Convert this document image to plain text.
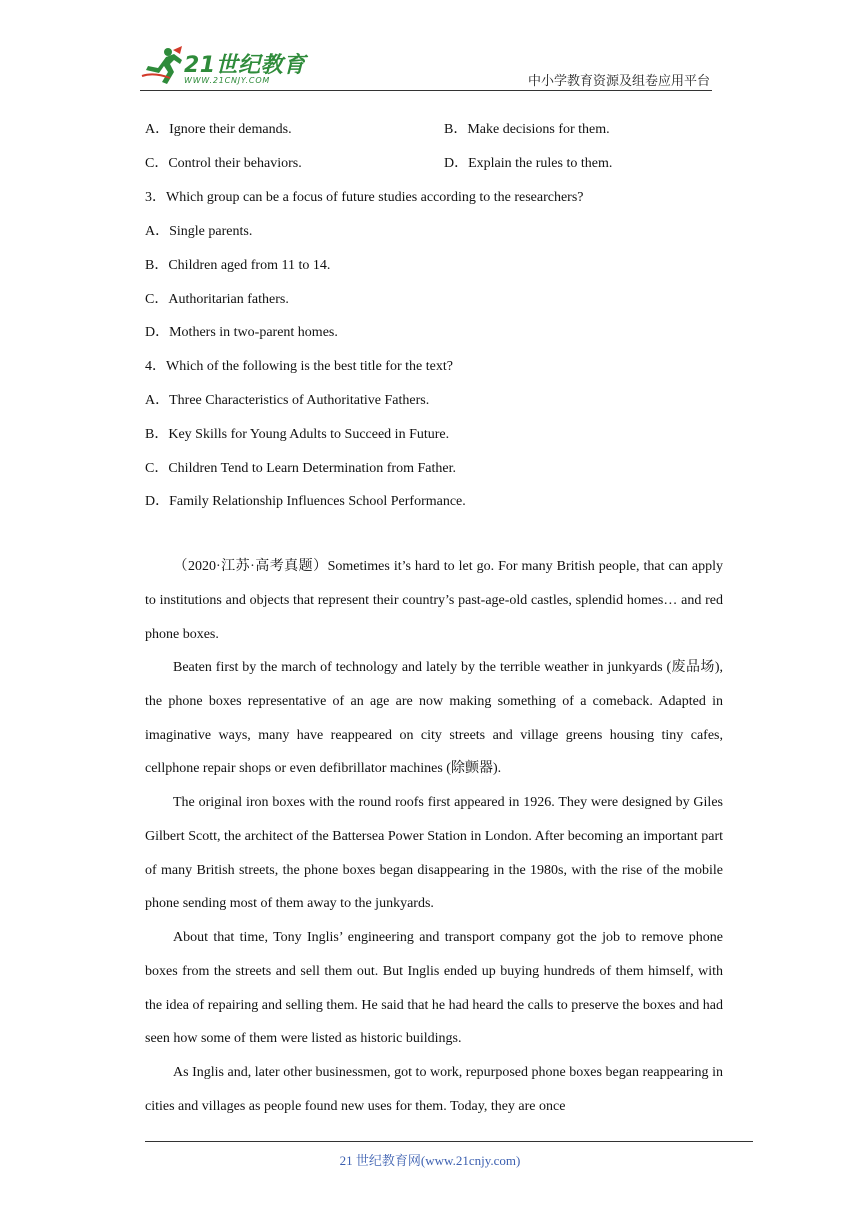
21世纪教育
WWW.21CNJY.COM	中小学教育资源及组卷应用平台
A．Ignore their demands.	B．Make decisions for them.
C．Control their behaviors.	D．Explain the rules to them.
3．Which group can be a focus of future studies according to the researchers?
A．Single parents.
B．Children aged from 11 to 14.
C．Authoritarian fathers.
D．Mothers in two-parent homes.
4．Which of the following is the best title for the text?
A．Three Characteristics of Authoritative Fathers.
B．Key Skills for Young Adults to Succeed in Future.
C．Children Tend to Learn Determination from Father.
D．Family Relationship Influences School Performance.
（2020·江苏·高考真题）Sometimes it’s hard to let go. For many British people, that can apply to institutions and objects that represent their country’s past-age-old castles, splendid homes… and red phone boxes.
Beaten first by the march of technology and lately by the terrible weather in junkyards (废品场), the phone boxes representative of an age are now making something of a comeback. Adapted in imaginative ways, many have reappeared on city streets and village greens housing tiny cafes, cellphone repair shops or even defibrillator machines (除颤器).
The original iron boxes with the round roofs first appeared in 1926. They were designed by Giles Gilbert Scott, the architect of the Battersea Power Station in London. After becoming an important part of many British streets, the phone boxes began disappearing in the 1980s, with the rise of the mobile phone sending most of them away to the junkyards.
About that time, Tony Inglis’ engineering and transport company got the job to remove phone boxes from the streets and sell them out. But Inglis ended up buying hundreds of them himself, with the idea of repairing and selling them. He said that he had heard the calls to preserve the boxes and had seen how some of them were listed as historic buildings.
As Inglis and, later other businessmen, got to work, repurposed phone boxes began reappearing in cities and villages as people found new uses for them. Today, they are once
21 世纪教育网(www.21cnjy.com)
